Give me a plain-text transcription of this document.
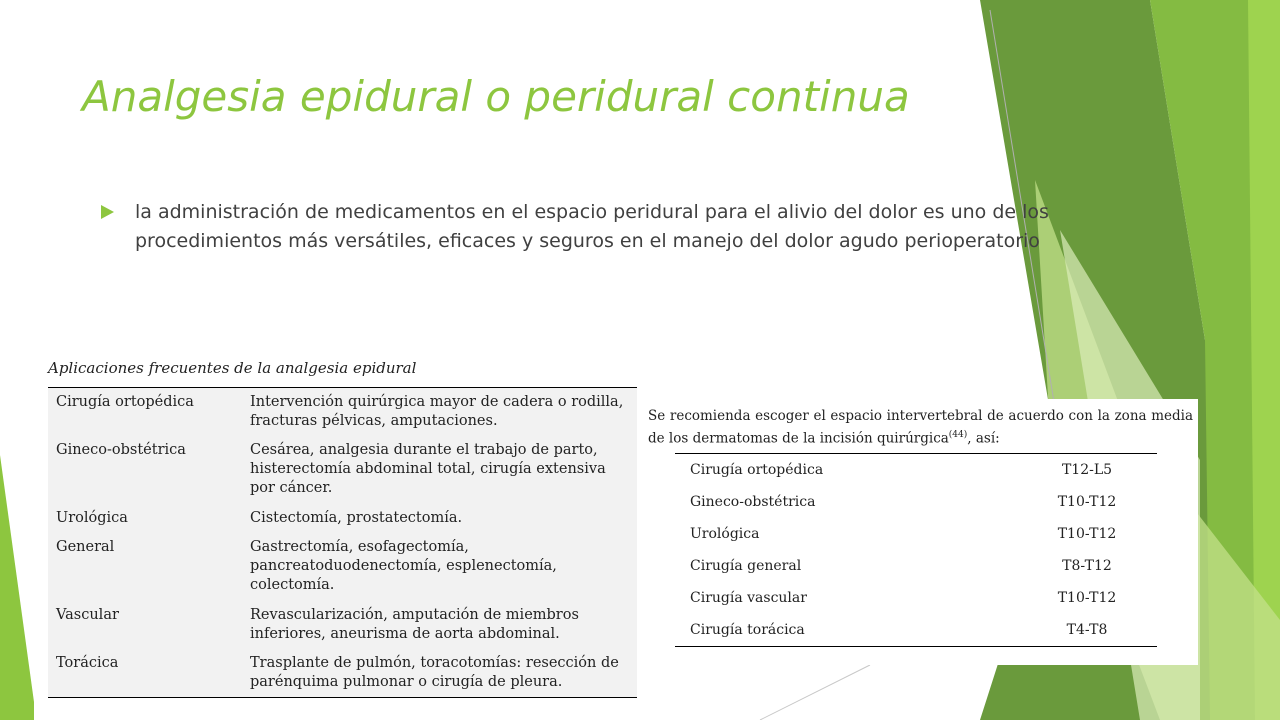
Analgesia epidural o peridural continua

la administración de medicamentos en el espacio peridural para el alivio del dolor es uno de los procedimientos más versátiles, eficaces y seguros en el manejo del dolor agudo perioperatorio

Aplicaciones frecuentes de la analgesia epidural

Cirugía ortopédica	Intervención quirúrgica mayor de cadera o rodilla, fracturas pélvicas, amputaciones.
Gineco-obstétrica	Cesárea, analgesia durante el trabajo de parto, histerectomía abdominal total, cirugía extensiva por cáncer.
Urológica	Cistectomía, prostatectomía.
General	Gastrectomía, esofagectomía, pancreatoduodenectomía, esplenectomía, colectomía.
Vascular	Revascularización, amputación de miembros inferiores, aneurisma de aorta abdominal.
Torácica	Trasplante de pulmón, toracotomías: resección de parénquima pulmonar o cirugía de pleura.

Se recomienda escoger el espacio intervertebral de acuerdo con la zona media de los dermatomas de la incisión quirúrgica$^{(44)}$, así:

Cirugía ortopédica	T12-L5
Gineco-obstétrica	T10-T12
Urológica	T10-T12
Cirugía general	T8-T12
Cirugía vascular	T10-T12
Cirugía torácica	T4-T8
